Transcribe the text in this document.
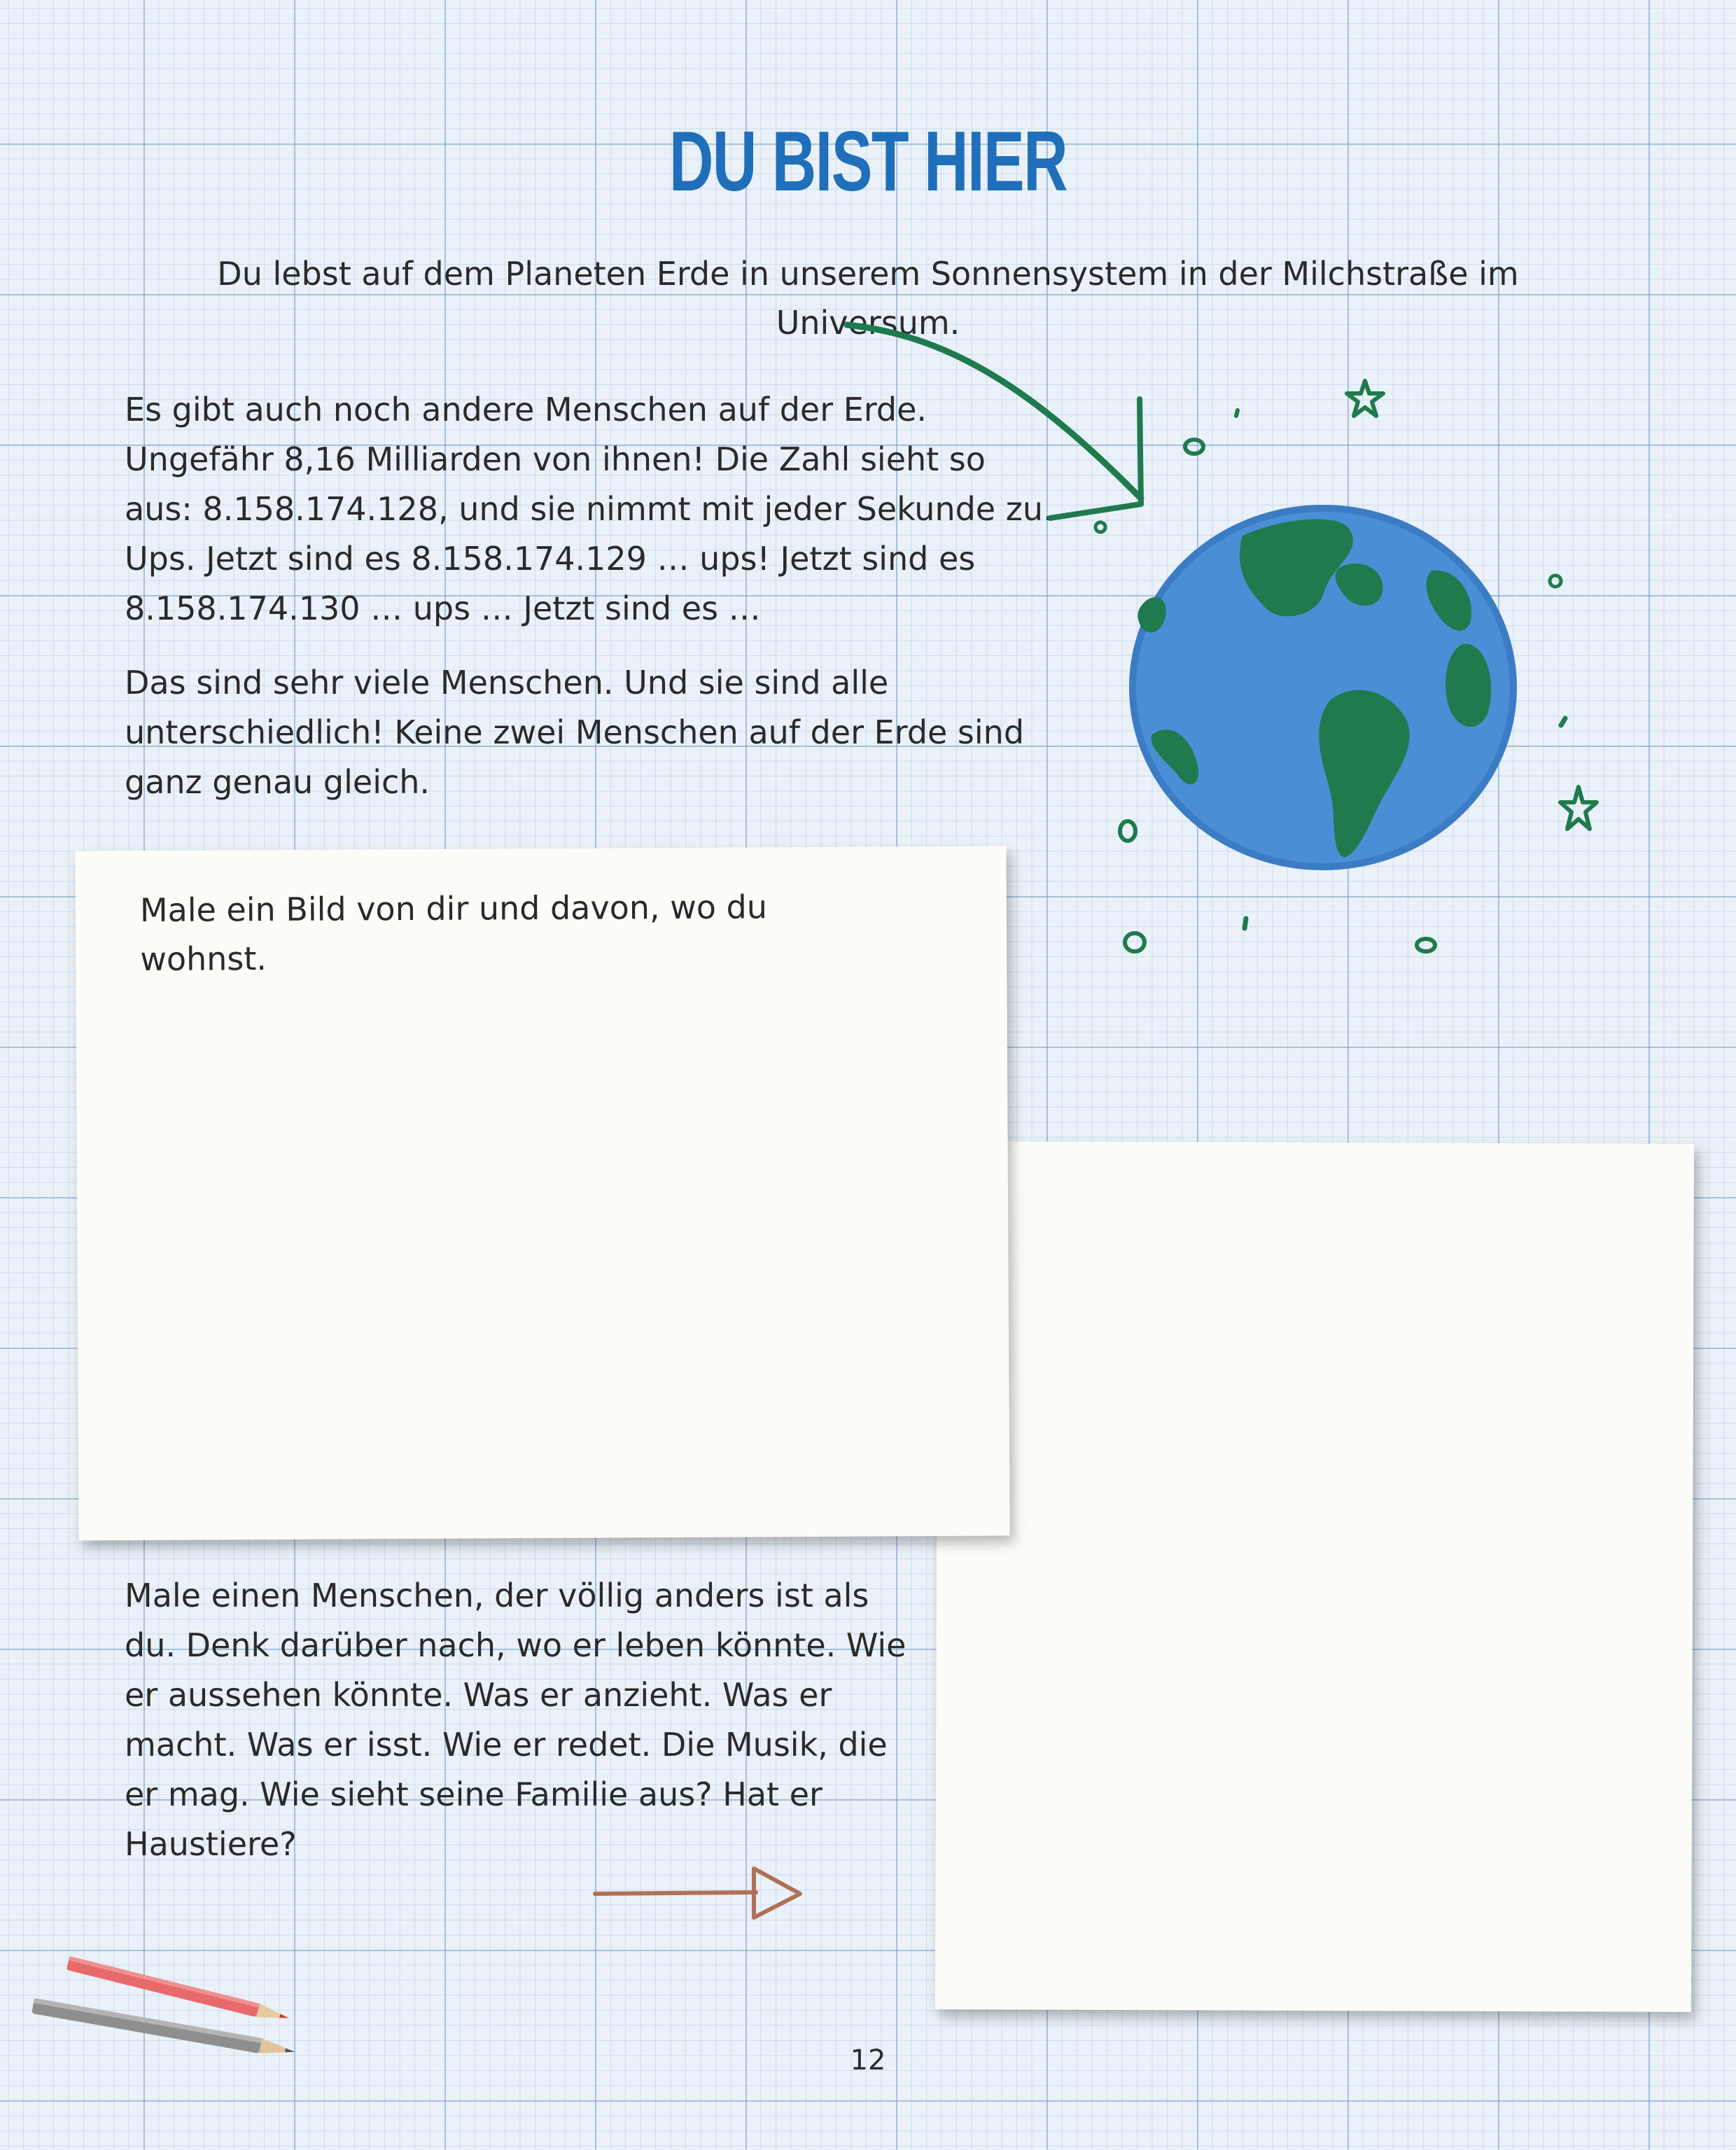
DU BIST HIER

Du lebst auf dem Planeten Erde in unserem Sonnensystem in der Milchstraße im Universum.

Es gibt auch noch andere Menschen auf der Erde. Ungefähr 8,16 Milliarden von ihnen! Die Zahl sieht so aus: 8.158.174.128, und sie nimmt mit jeder Sekunde zu. Ups. Jetzt sind es 8.158.174.129 … ups! Jetzt sind es 8.158.174.130 … ups … Jetzt sind es …

Das sind sehr viele Menschen. Und sie sind alle unterschiedlich! Keine zwei Menschen auf der Erde sind ganz genau gleich.

Male ein Bild von dir und davon, wo du wohnst.

Male einen Menschen, der völlig anders ist als du. Denk darüber nach, wo er leben könnte. Wie er aussehen könnte. Was er anzieht. Was er macht. Was er isst. Wie er redet. Die Musik, die er mag. Wie sieht seine Familie aus? Hat er Haustiere?

12
